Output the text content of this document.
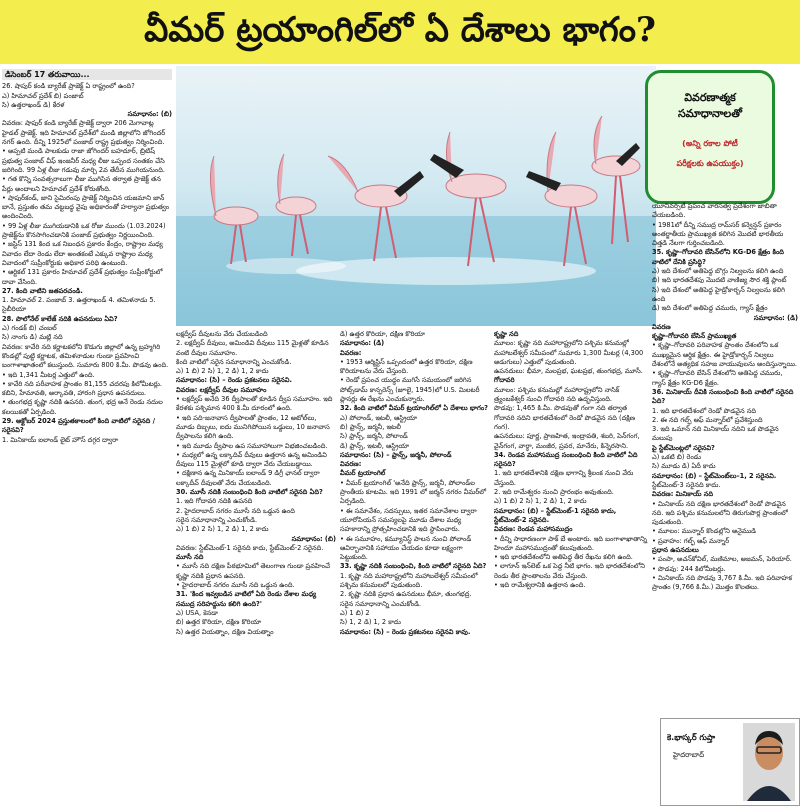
వీమర్ ట్రయాంగిల్‌లో ఏ దేశాలు భాగం?
డిసెంబర్ 17 తరువాయి...

26. షాపుర్ కండి బ్యారేజ్ ప్రాజెక్ట్ ఏ రాష్ట్రంలో ఉంది?

ఎ) హిమాచల్ ప్రదేశ్ బి) పంజాబ్

సి) ఉత్తరాఖండ్ డి) కేరళ

సమాధానం: (బి)

వివరణ: షాపుర్ కండి బ్యారేజ్ ప్రాజెక్ట్ ద్వారా 206 మెగావాట్ల హైడల్ ప్రాజెక్ట్. ఇది హిమాచల్ ప్రదేశ్‌లో మండి జిల్లాలోని జోగిందర్ నగర్ ఉంది. దీన్ని 1925లో పంజాబ్ రాష్ట్ర ప్రభుత్వం నిర్మించింది.

• అప్పటి మండి పాలకుడు రాజా జోగిందర్ బహదూర్, బ్రిటిష్ ప్రభుత్వ పంజాబ్ చీఫ్ ఇంజనీర్ మధ్య లీజు ఒప్పంద సంతకం చేసి జరిగింది. 99 ఏళ్ల లీజు గడువు మార్చి 2వ తేదీన ముగియనుంది.

• గత కొన్ని సంవత్సరాలుగా లీజు ముగిసిన తర్వాత ప్రాజెక్ట్ తన పేర్లు అందాలని హిమాచల్ ప్రదేశ్ కోరుతోంది.

• షాపుర్‌కండ్, జాని సైమిరంపు ప్రాజెక్ట్ నిర్మించిన యజమాని జాన్ బానే, ప్రస్తుతం తమ చట్టబద్ధ వైపు అధికారంతో హర్యానా ప్రభుత్వం అందించింది.

• 99 ఏళ్ల లీజు ముగియడానికి ఒక రోజు ముందు (1.03.2024) ప్రాజెక్ట్‌ను కొనసాగించడానికి పంజాబ్ ప్రభుత్వం నిర్ణయించింది.

• జస్టిస్ 131 కింద ఒక నిబంధన ప్రకారం కేంద్రం, రాష్ట్రాల మధ్య వివాదం లేదా రెండు లేదా అంతకంటే ఎక్కువ రాష్ట్రాల మధ్య వివాదంలో సుప్రీంకోర్టుకు అధికార పరిధి ఉంటుంది.

• ఆర్టికల్ 131 ప్రకారం హిమాచల్ ప్రదేశ్ ప్రభుత్వం సుప్రీంకోర్టులో దావా వేసింది.

27. కింది వాటిని జతపరచండి.

1. హిమాచల్ 2. పంజాబ్ 3. ఉత్తరాఖండ్ 4. తమిళనాడు 5. సైబీరియా

28. పొలోనేల్ కాలేజ్ నదికి ఉపనదులు ఏవి?

ఎ) గండక్ బి) చంబల్

సి) నాంగు డి) మట్లి నది

వివరణ: కావేరి నది కర్ణాటకలోని కొడుగు జిల్లాలో ఉన్న బ్రహ్మగిరి కొండల్లో పుట్టి కర్ణాటక, తమిళనాడుల గుండా ప్రవహించి బంగాళాఖాతంలో కలుస్తుంది. సుమారు 800 కి.మీ. పొడవు ఉంది.

• ఇది 1,341 మీటర్ల ఎత్తులో ఉంది.

• కావేరి నది పరీవాహక ప్రాంతం 81,155 చదరపు కిలోమీటర్లు. కబిని, హేమావతి, అర్కావతి, హారంగి ప్రధాన ఉపనదులు.

• తుంగభద్ర కృష్ణా నదికి ఉపనది. తుంగ, భద్ర అనే రెండు నదుల కలయికతో ఏర్పడింది.

29. అక్టోబర్ 2024 ప్రస్తుతకాలంలో కింది వాటిలో సరైనది /సరైనవి?

1. మినికాయ్ ఐలాండ్ లైట్ హౌస్ దగ్గర ద్వారా

వివరణాత్మక
సమాధానాలతో
(అన్ని రకాల పోటీ
పరీక్షలకు ఉపయుక్తం)

లక్షద్వీప్ దీవులను వేరు చేయబడింది

2. లక్షద్వీప్ దీవులు, అమిండివి దీవులు 115 మైళ్లతో కూడిన వంటి దీవుల సమూహం.

కింది వాటిలో సరైన సమాధానాన్ని ఎంచుకోండి.

ఎ) 1 బి) 2 సి) 1, 2 డి) 1, 2 కాదు

సమాధానం: (సి) – రెండు ప్రకటనలు సరైనవి.

వివరణ: లక్షద్వీప్ దీవుల సమూహం

• లక్షద్వీప్ అనేది 36 ద్వీపాలతో కూడిన ద్వీప సమూహం. ఇది కేరళకు పశ్చిమాన 400 కి.మీ దూరంలో ఉంది.

• ఇది పది-జనావాస ద్వీపాలతో ప్రాంతం, 12 అటోల్‌లు, మూడు దిబ్బలు, ఐదు మునిగిపోయిన ఒడ్డులు, 10 జనావాస ద్వీపాలను కలిగి ఉంది.

• ఇది మూడు ద్వీపాల ఉప సమూహాలుగా విభజించబడింది.

• మధ్యలో ఉన్న లక్కాదివ్ దీవులు ఉత్తరాన ఉన్న అమిండివి దీవులు 115 మైళ్లలో కూడి ద్వారా వేరు చేయబడ్డాయి.

• దక్షిణాన ఉన్న మినికాయ్ ఐలాండ్ 9 డిగ్రీ ఛానల్ ద్వారా లక్కాదీవ్ దీవులతో వేరు చేయబడింది.

30. మూసీ నదికి సంబంధించి కింది వాటిలో సరైనది ఏది?

1. ఇది గోదావరి నదికి ఉపనది

2. హైదరాబాద్ నగరం మూసీ నది ఒడ్డున ఉంది

సరైన సమాధానాన్ని ఎంచుకోండి.

ఎ) 1 బి) 2 సి) 1, 2 డి) 1, 2 కాదు

సమాధానం: (బి)

వివరణ: స్టేట్‌మెంట్-1 సరైనది కాదు, స్టేట్‌మెంట్-2 సరైనది.

మూసీ నది

• మూసీ నది దక్షిణ పీఠభూమిలో తెలంగాణ గుండా ప్రవహించే కృష్ణా నదికి ప్రధాన ఉపనది.

• హైదరాబాద్ నగరం మూసీ నది ఒడ్డున ఉంది.

31. 'కింద ఇవ్వబడిన వాటిలో ఏది రెండు దేశాల మధ్య సముద్ర సరిహద్దును కలిగి ఉంది?'

ఎ) USA, కెనడా

బి) ఉత్తర కొరియా, దక్షిణ కొరియా

సి) ఉత్తర వియత్నాం, దక్షిణ వియత్నాం

డి) ఉత్తర కొరియా, దక్షిణ కొరియా

సమాధానం: (డి)

వివరణ:

• 1953 ఆర్మిస్టిస్ ఒప్పందంలో ఉత్తర కొరియా, దక్షిణ కొరియాలను వేరు చేస్తుంది.

• రెండో ప్రపంచ యుద్ధం ముగిసే సమయంలో జరిగిన పోట్స్‌డామ్ కాన్ఫరెన్స్ (జూలై, 1945)లో U.S. మిలటరీ ప్లానర్లు ఈ రేఖను ఎంచుకున్నారు.

32. కింది వాటిలో వీమర్ ట్రయాంగిల్‌లో ఏ దేశాలు భాగం?

ఎ) పోలాండ్, ఇటలీ, ఆస్ట్రియా

బి) ఫ్రాన్స్, జర్మనీ, ఇటలీ

సి) ఫ్రాన్స్, జర్మనీ, పోలాండ్

డి) ఫ్రాన్స్, ఇటలీ, ఆస్ట్రియా

సమాధానం: (సి) – ఫ్రాన్స్, జర్మనీ, పోలాండ్

వివరణ:

వీమర్ ట్రయాంగిల్

• వీమర్ ట్రయాంగిల్ 'అనేది ఫ్రాన్స్, జర్మనీ, పోలాండ్‌ల ప్రాంతీయ కూటమి. ఇది 1991 లో జర్మన్ నగరం వీమర్‌లో ఏర్పడింది.

• ఈ సమావేశం, సదస్సులు, ఇతర సమావేశాల ద్వారా యూరోపియన్ సమస్యలపై మూడు దేశాల మధ్య సహకారాన్ని ప్రోత్సహించడానికి ఇది స్థాపించారు.

• ఈ సమూహం, కమ్యూనిస్ట్ పాలన నుంచి పోలాండ్ ఆవిర్భావానికి సహాయం చేయడం కూడా లక్ష్యంగా పెట్టుకుంది.

33. కృష్ణా నదికి సంబంధించి, కింది వాటిలో సరైనది ఏది?

1. కృష్ణా నది మహారాష్ట్రలోని మహాబలేశ్వర్ సమీపంలో పశ్చిమ కనుమలలో పుడుతుంది.

2. కృష్ణా నదికి ప్రధాన ఉపనదులు భీమా, తుంగభద్ర.

సరైన సమాధానాన్ని ఎంచుకోండి.

ఎ) 1 బి) 2

సి) 1, 2 డి) 1, 2 కాదు

సమాధానం: (సి) – రెండు ప్రకటనలు సరైనవి కావు.

కృష్ణా నది

మూలం: కృష్ణా నది మహారాష్ట్రలోని పశ్చిమ కనుమల్లో మహాబలేశ్వర్ సమీపంలో సుమారు 1,300 మీటర్ల (4,300 అడుగులు) ఎత్తులో పుడుతుంది.

ఉపనదులు: భీమా, మలప్రభ, ఘటప్రభ, తుంగభద్ర, మూసీ.

గోదావరి

మూలం: పశ్చిమ కనుమల్లో మహారాష్ట్రలోని నాసిక్ త్ర్యంబకేశ్వర్ నుంచి గోదావరి నది ఉద్భవిస్తుంది.

పొడవు: 1,465 కి.మీ. పొడవుతో గంగా నది తర్వాత గోదావరి నదిని భారతదేశంలో రెండో పొడవైన నది (దక్షిణ గంగ).

ఉపనదులు: పూర్ణ, ప్రాణహిత, ఇంద్రావతి, శబరి, పెన్‌గంగ, వైన్‌గంగ, వార్ధా, మంజీర, ప్రవర, మానేరు, కిన్నెరసాని.

34. రెండవ మహాసముద్ర సంబంధించి కింది వాటిలో ఏది సరైనది?

1. ఇది భారతదేశానికి దక్షిణ భాగాన్ని శ్రీలంక నుంచి వేరు చేస్తుంది.

2. ఇది రామేశ్వరం నుంచి ప్రారంభం అవుతుంది.

ఎ) 1 బి) 2 సి) 1, 2 డి) 1, 2 కాదు

సమాధానం: (బి) – స్టేట్‌మెంట్-1 సరైనది కాదు, స్టేట్‌మెంట్-2 సరైనది.

వివరణ: రెండవ మహాసముద్రం

• దీన్ని సాధారణంగా పాక్ బే అంటారు. ఇది బంగాళాఖాతాన్ని హిందూ మహాసముద్రంతో కలుపుతుంది.

• ఇది భారతదేశంలోని అతిపెద్ద తీర రేఖను కలిగి ఉంది.

• లాగూన్ ఇన్‌లెట్ ఒక పెద్ద నీటి భాగం. ఇది భారతదేశంలోని రెండు తీర ప్రాంతాలను వేరు చేస్తుంది.

• ఇది రామేశ్వరానికి ఉత్తరాన ఉంది.

యూనివర్సిటీ ప్రపంచ వారసత్వ ప్రదేశంగా జాబితా చేయబడింది.

• 1981లో దీన్ని సముద్ర రామ్‌సర్ కన్వెన్షన్ ప్రకారం అంతర్జాతీయ ప్రాముఖ్యత కలిగిన మొదటి భారతీయ చిత్తడి నేలగా గుర్తించబడింది.

35. కృష్ణా–గోదావరి బేసిన్‌లోని KG-D6 క్షేత్రం కింది వాటిలో దేనికి ప్రసిద్ధి?

ఎ) ఇది దేశంలో అతిపెద్ద బొగ్గు నిల్వలను కలిగి ఉంది

బి) ఇది భారతదేశపు మొదటి వాణిజ్య సౌర శక్తి ప్లాంట్

సి) ఇది దేశంలో అతిపెద్ద హైడ్రోకార్బన్ నిల్వలను కలిగి ఉంది

డి) ఇది దేశంలో అతిపెద్ద చమురు, గ్యాస్ క్షేత్రం

సమాధానం: (డి)

వివరణ

కృష్ణా–గోదావరి బేసిన్ ప్రాముఖ్యత

• కృష్ణా–గోదావరి పరివాహక ప్రాంతం దేశంలోని ఒక ముఖ్యమైన ఆర్థిక క్షేత్రం. ఈ హైడ్రోకార్బన్ నిల్వలు దేశంలోనే అత్యధిక సహజ వాయువులను అందిస్తున్నాయి.

• కృష్ణా–గోదావరి బేసిన్ దేశంలోని అతిపెద్ద చమురు, గ్యాస్ క్షేత్రం KG-D6 క్షేత్రం.

36. మినికాయ్ దీవికి సంబంధించి కింది వాటిలో సరైనది ఏది?

1. ఇది భారతదేశంలో రెండో పొడవైన నది

2. ఈ నది గల్ఫ్ ఆఫ్ మన్నార్‌లో ప్రవేశిస్తుంది

3. ఇది ఒమాన్ నది మినికాయ్ నదిని ఒక పొడవైన మలుపు

పై స్టేట్‌మెంట్లలో సరైనవి?

ఎ) ఒకటి బి) రెండు

సి) మూడు డి) ఏదీ కాదు

సమాధానం: (బి) – స్టేట్‌మెంట్‌లు–1, 2 సరైనవి.

స్టేట్‌మెంట్-3 సరైనది కాదు.

వివరణ: మినికాయ్ నది

• మినికాయ్ నది దక్షిణ భారతదేశంలో రెండో పొడవైన నది. ఇది పశ్చిమ కనుమలలోని తిరుగుపొర్ల ప్రాంతంలో పుడుతుంది.

• మూలం: మున్నార్ కొండల్లోని అనైముడి

• ప్రవాహం: గల్ఫ్ ఆఫ్ మన్నార్

ప్రధాన ఉపనదులు

• పంపా, అచన్‌కోవిల్, మణిమాల, అజమన్, పెరియార్.

• పొడవు: 244 కిలోమీటర్లు.

• మినికాయ్ నది పొడవు 3,767 కి.మీ. ఇది పరివాహక ప్రాంతం (9,766 కి.మీ.) మొత్తం కొలతలు.

కె.భాస్కర్ గుప్తా
హైదరాబాద్
